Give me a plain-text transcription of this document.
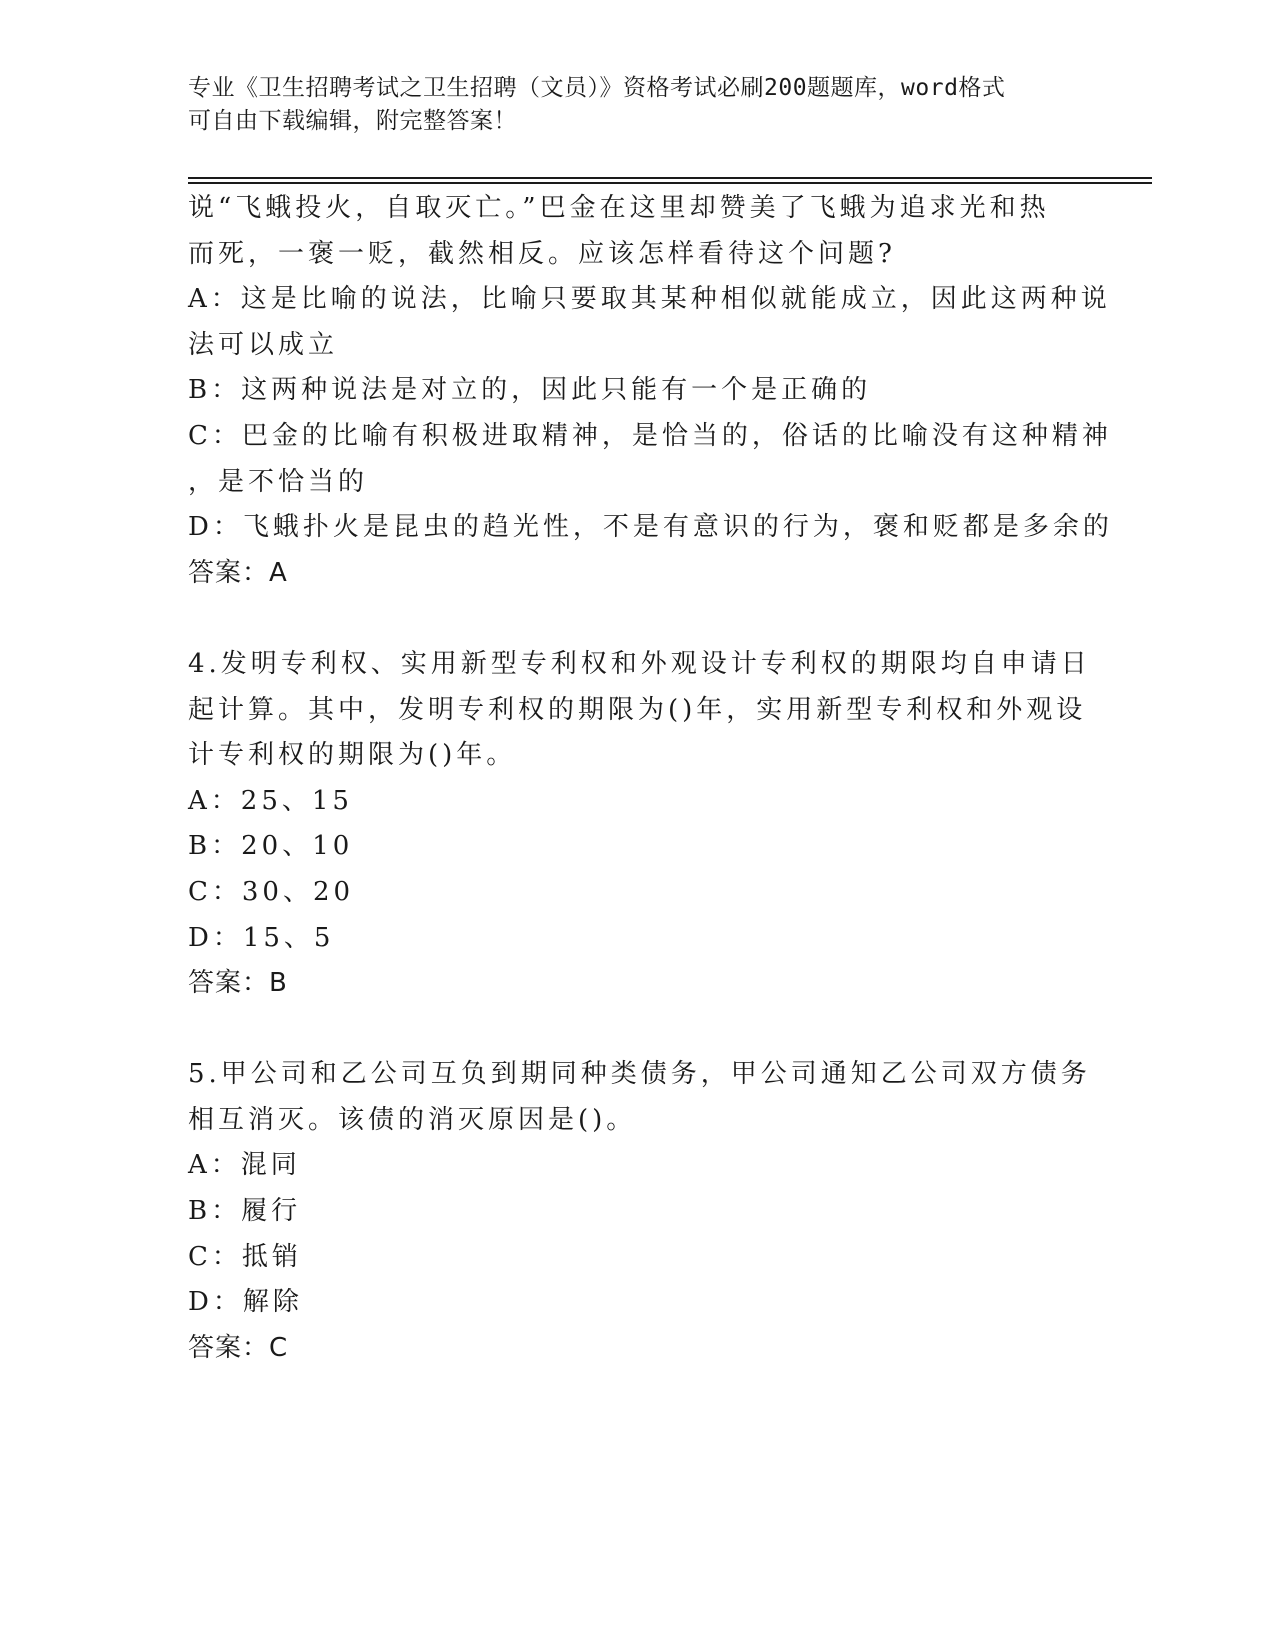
专业《卫生招聘考试之卫生招聘（文员）》资格考试必刷200题题库，word格式
可自由下载编辑，附完整答案！
说“飞蛾投火，自取灭亡。”巴金在这里却赞美了飞蛾为追求光和热
而死，一褒一贬，截然相反。应该怎样看待这个问题?
A：这是比喻的说法，比喻只要取其某种相似就能成立，因此这两种说
法可以成立
B：这两种说法是对立的，因此只能有一个是正确的
C：巴金的比喻有积极进取精神，是恰当的，俗话的比喻没有这种精神
，是不恰当的
D：飞蛾扑火是昆虫的趋光性，不是有意识的行为，褒和贬都是多余的
答案：A
4.发明专利权、实用新型专利权和外观设计专利权的期限均自申请日
起计算。其中，发明专利权的期限为()年，实用新型专利权和外观设
计专利权的期限为()年。
A：25、15
B：20、10
C：30、20
D：15、5
答案：B
5.甲公司和乙公司互负到期同种类债务，甲公司通知乙公司双方债务
相互消灭。该债的消灭原因是()。
A：混同
B：履行
C：抵销
D：解除
答案：C
